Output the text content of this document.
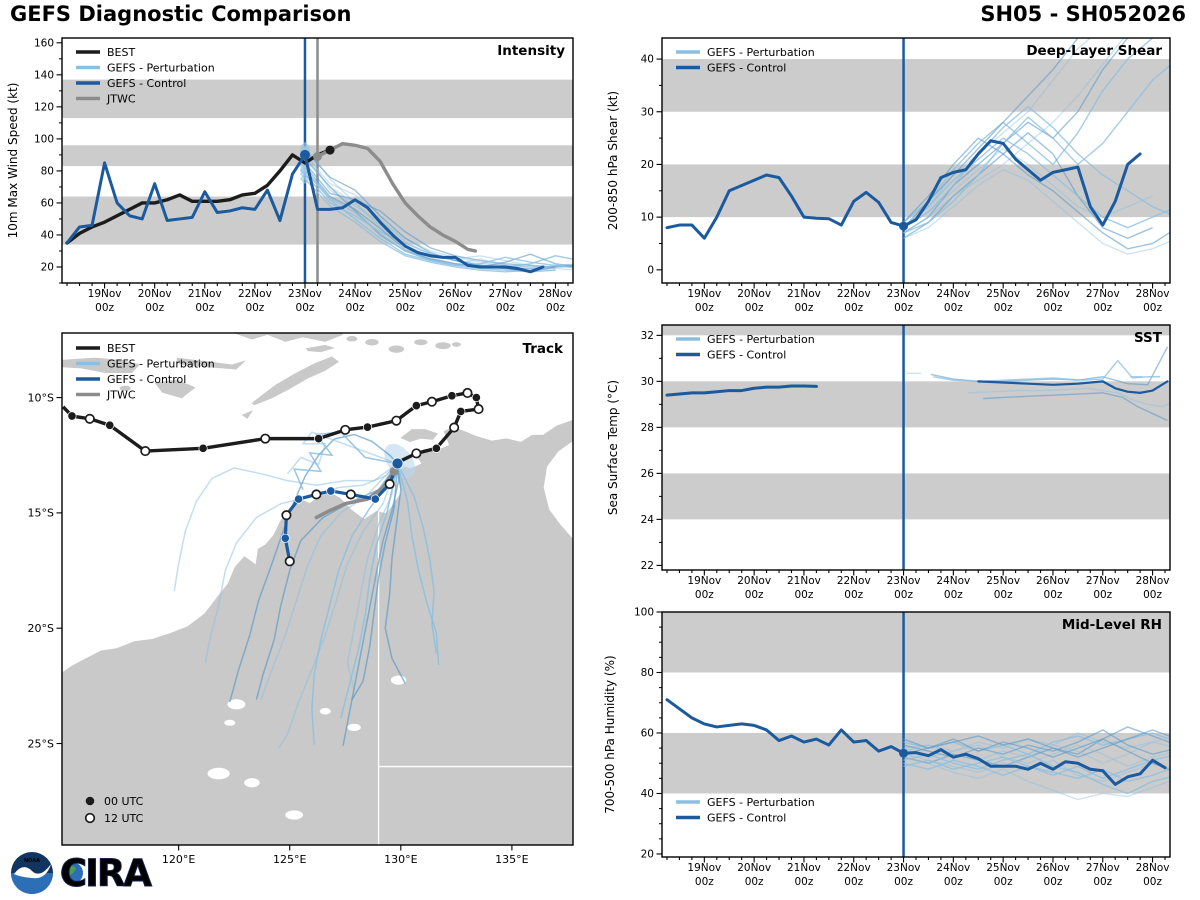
GEFS Diagnostic Comparison	SH05 - SH052026
19Nov
00z
20Nov
00z
21Nov
00z
22Nov
00z
23Nov
00z
24Nov
00z
25Nov
00z
26Nov
00z
27Nov
00z
28Nov
00z
20
40
60
80
100
120
140
160
10m Max Wind Speed (kt)
Intensity
BEST
GEFS - Perturbation
GEFS - Control
JTWC
19Nov
00z
20Nov
00z
21Nov
00z
22Nov
00z
23Nov
00z
24Nov
00z
25Nov
00z
26Nov
00z
27Nov
00z
28Nov
00z
0
10
20
30
40
200-850 hPa Shear (kt)
Deep-Layer Shear
GEFS - Perturbation
GEFS - Control
19Nov
00z
20Nov
00z
21Nov
00z
22Nov
00z
23Nov
00z
24Nov
00z
25Nov
00z
26Nov
00z
27Nov
00z
28Nov
00z
22
24
26
28
30
32
Sea Surface Temp (°C)
SST
GEFS - Perturbation
GEFS - Control
19Nov
00z
20Nov
00z
21Nov
00z
22Nov
00z
23Nov
00z
24Nov
00z
25Nov
00z
26Nov
00z
27Nov
00z
28Nov
00z
20
40
60
80
100
700-500 hPa Humidity (%)
Mid-Level RH
GEFS - Perturbation
GEFS - Control
10°S
15°S
20°S
25°S
120°E	125°E	130°E	135°E
Track
BEST
GEFS - Perturbation
GEFS - Control
JTWC
00 UTC
12 UTC
NOAA CIRA
